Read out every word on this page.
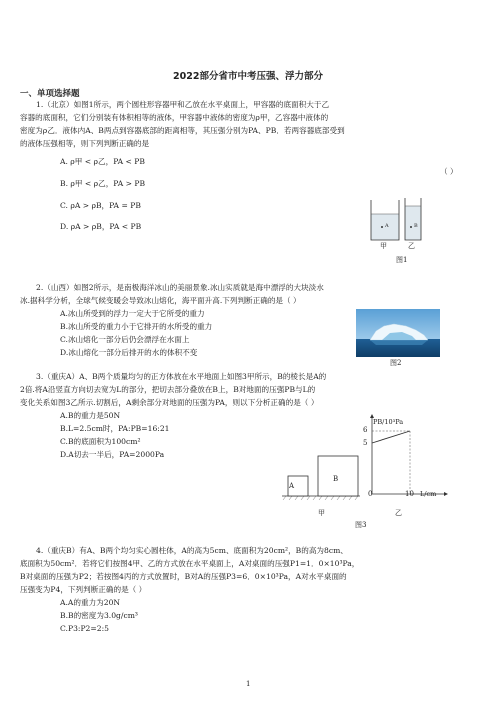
2022部分省市中考压强、浮力部分
一、单项选择题
1.（北京）如图1所示，两个圆柱形容器甲和乙放在水平桌面上，甲容器的底面积大于乙
容器的底面积，它们分别装有体积相等的液体，甲容器中液体的密度为ρ甲，乙容器中液体的
密度为ρ乙．液体内A、B两点到容器底部的距离相等，其压强分别为PA、PB．若两容器底部受到
的液体压强相等，则下列判断正确的是
（ ）
A. ρ甲 < ρ乙，PA < PB
B. ρ甲 < ρ乙，PA > PB
C. ρA > ρB，PA = PB
D. ρA > ρB，PA < PB	A	B
甲	乙
图1
2.（山西）如图2所示，是南极海洋冰山的美丽景象.冰山实质就是海中漂浮的大块淡水
冰.据科学分析，全球气候变暖会导致冰山熔化，海平面升高.下列判断正确的是（ ）
A.冰山所受到的浮力一定大于它所受的重力
B.冰山所受的重力小于它排开的水所受的重力
C.冰山熔化一部分后仍会漂浮在水面上
D.冰山熔化一部分后排开的水的体积不变
图2
3.（重庆A）A、B两个质量均匀的正方体放在水平地面上如图3甲所示，B的棱长是A的
2倍.将A沿竖直方向切去宽为L的部分，把切去部分叠放在B上，B对地面的压强PB与L的
变化关系如图3乙所示.切割后，A剩余部分对地面的压强为PA，则以下分析正确的是（ ）
A.B的重力是50N
B.L=2.5cm时，PA:PB=16:21
C.B的底面积为100cm²
D.A切去一半后，PA=2000Pa
A
B
PB/10³Pa
6
5
0	10 L/cm
甲	乙
图3
4.（重庆B）有A、B两个均匀实心圆柱体，A的高为5cm、底面积为20cm²，B的高为8cm、
底面积为50cm²．若将它们按图4甲、乙的方式放在水平桌面上，A对桌面的压强P1=1．0×10³Pa，
B对桌面的压强为P2；若按图4丙的方式放置时，B对A的压强P3=6．0×10³Pa，A对水平桌面的
压强变为P4，下列判断正确的是（ ）
A.A的重力为20N
B.B的密度为3.0g/cm³
C.P3:P2=2:5
1
